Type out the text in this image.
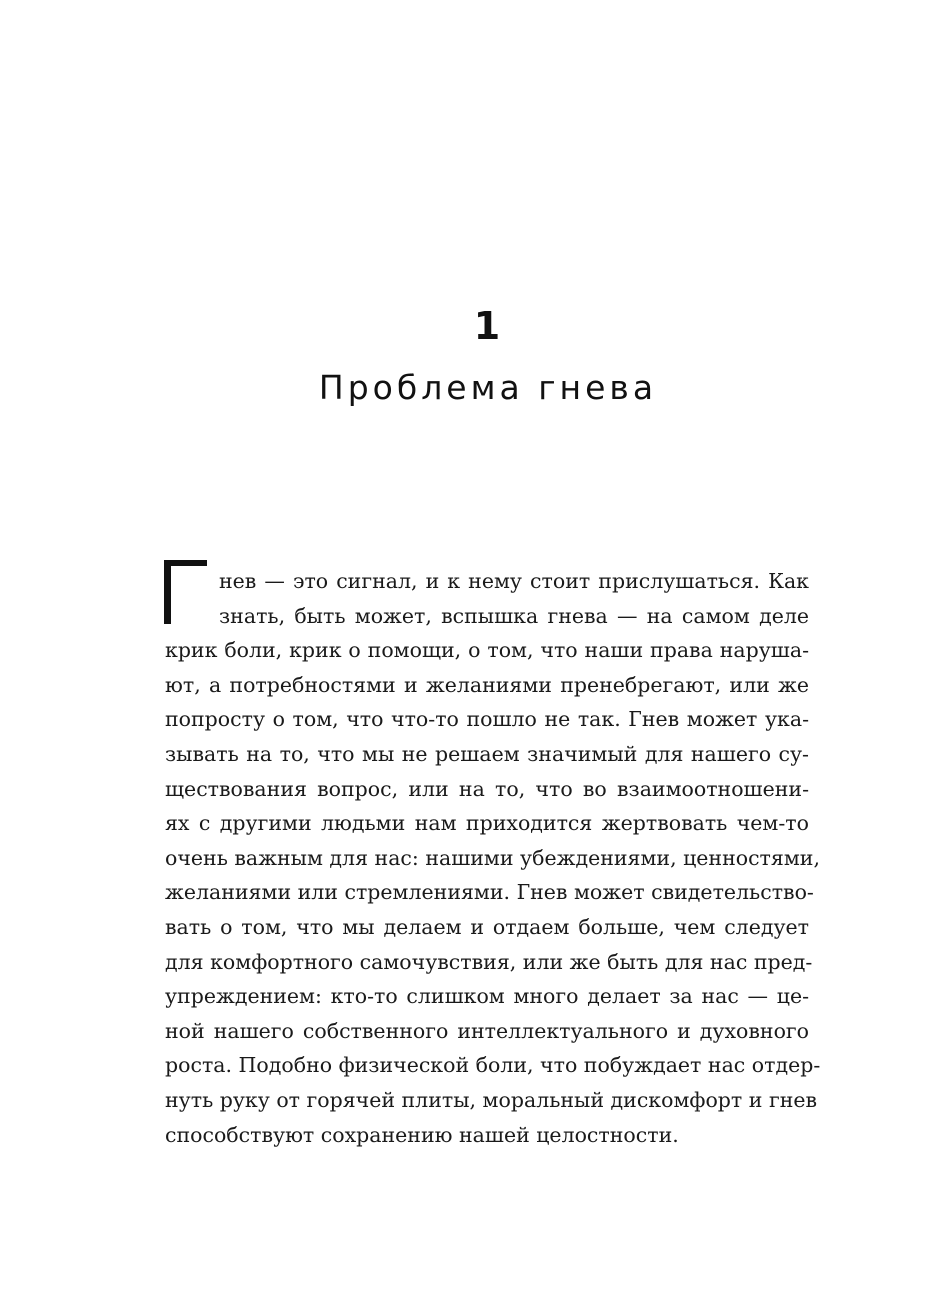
1
Проблема гнева
нев — это сигнал, и к нему стоит прислушаться. Как
знать, быть может, вспышка гнева — на самом деле
крик боли, крик о помощи, о том, что наши права наруша-
ют, а потребностями и желаниями пренебрегают, или же
попросту о том, что что-то пошло не так. Гнев может ука-
зывать на то, что мы не решаем значимый для нашего су-
ществования вопрос, или на то, что во взаимоотношени-
ях с другими людьми нам приходится жертвовать чем-то
очень важным для нас: нашими убеждениями, ценностями,
желаниями или стремлениями. Гнев может свидетельство-
вать о том, что мы делаем и отдаем больше, чем следует
для комфортного самочувствия, или же быть для нас пред-
упреждением: кто-то слишком много делает за нас — це-
ной нашего собственного интеллектуального и духовного
роста. Подобно физической боли, что побуждает нас отдер-
нуть руку от горячей плиты, моральный дискомфорт и гнев
способствуют сохранению нашей целостности.
